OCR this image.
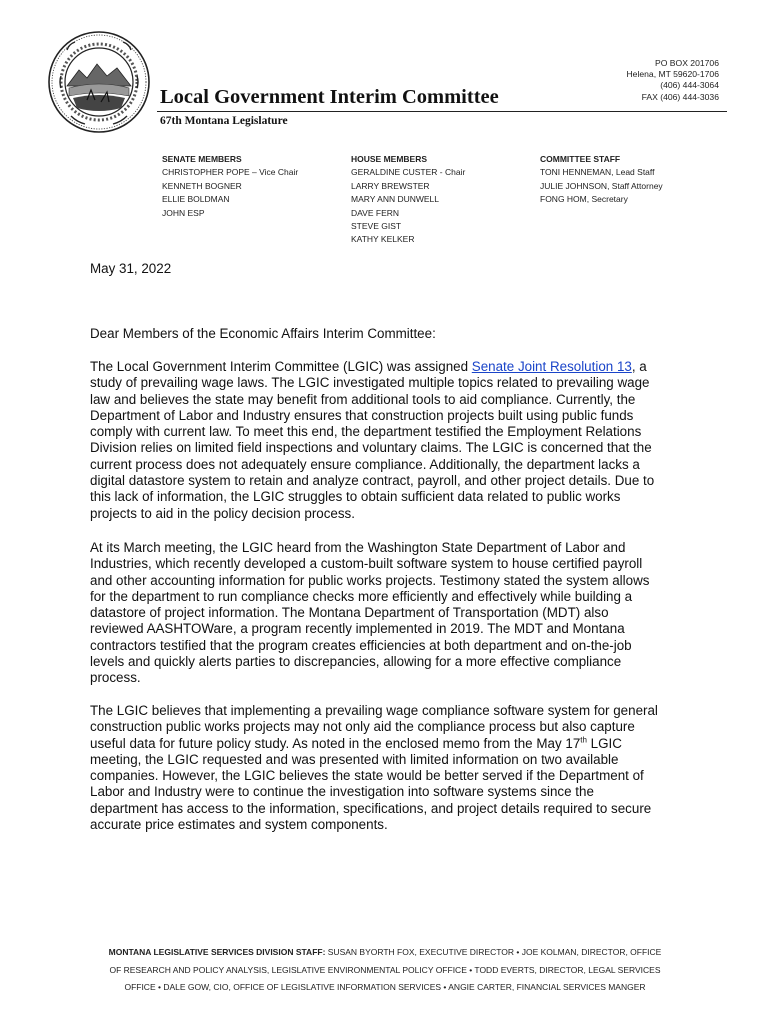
Local Government Interim Committee
67th Montana Legislature
PO BOX 201706
Helena, MT 59620-1706
(406) 444-3064
FAX (406) 444-3036
SENATE MEMBERS
CHRISTOPHER POPE – Vice Chair
KENNETH BOGNER
ELLIE BOLDMAN
JOHN ESP
HOUSE MEMBERS
GERALDINE CUSTER - Chair
LARRY BREWSTER
MARY ANN DUNWELL
DAVE FERN
STEVE GIST
KATHY KELKER
COMMITTEE STAFF
TONI HENNEMAN, Lead Staff
JULIE JOHNSON, Staff Attorney
FONG HOM, Secretary
May 31, 2022
Dear Members of the Economic Affairs Interim Committee:
The Local Government Interim Committee (LGIC) was assigned Senate Joint Resolution 13, a
study of prevailing wage laws. The LGIC investigated multiple topics related to prevailing wage
law and believes the state may benefit from additional tools to aid compliance. Currently, the
Department of Labor and Industry ensures that construction projects built using public funds
comply with current law. To meet this end, the department testified the Employment Relations
Division relies on limited field inspections and voluntary claims. The LGIC is concerned that the
current process does not adequately ensure compliance. Additionally, the department lacks a
digital datastore system to retain and analyze contract, payroll, and other project details. Due to
this lack of information, the LGIC struggles to obtain sufficient data related to public works
projects to aid in the policy decision process.
At its March meeting, the LGIC heard from the Washington State Department of Labor and
Industries, which recently developed a custom-built software system to house certified payroll
and other accounting information for public works projects. Testimony stated the system allows
for the department to run compliance checks more efficiently and effectively while building a
datastore of project information. The Montana Department of Transportation (MDT) also
reviewed AASHTOWare, a program recently implemented in 2019. The MDT and Montana
contractors testified that the program creates efficiencies at both department and on-the-job
levels and quickly alerts parties to discrepancies, allowing for a more effective compliance
process.
The LGIC believes that implementing a prevailing wage compliance software system for general
construction public works projects may not only aid the compliance process but also capture
useful data for future policy study. As noted in the enclosed memo from the May 17th LGIC
meeting, the LGIC requested and was presented with limited information on two available
companies. However, the LGIC believes the state would be better served if the Department of
Labor and Industry were to continue the investigation into software systems since the
department has access to the information, specifications, and project details required to secure
accurate price estimates and system components.
MONTANA LEGISLATIVE SERVICES DIVISION STAFF: SUSAN BYORTH FOX, EXECUTIVE DIRECTOR • JOE KOLMAN, DIRECTOR, OFFICE
OF RESEARCH AND POLICY ANALYSIS, LEGISLATIVE ENVIRONMENTAL POLICY OFFICE • TODD EVERTS, DIRECTOR, LEGAL SERVICES
OFFICE • DALE GOW, CIO, OFFICE OF LEGISLATIVE INFORMATION SERVICES • ANGIE CARTER, FINANCIAL SERVICES MANGER
